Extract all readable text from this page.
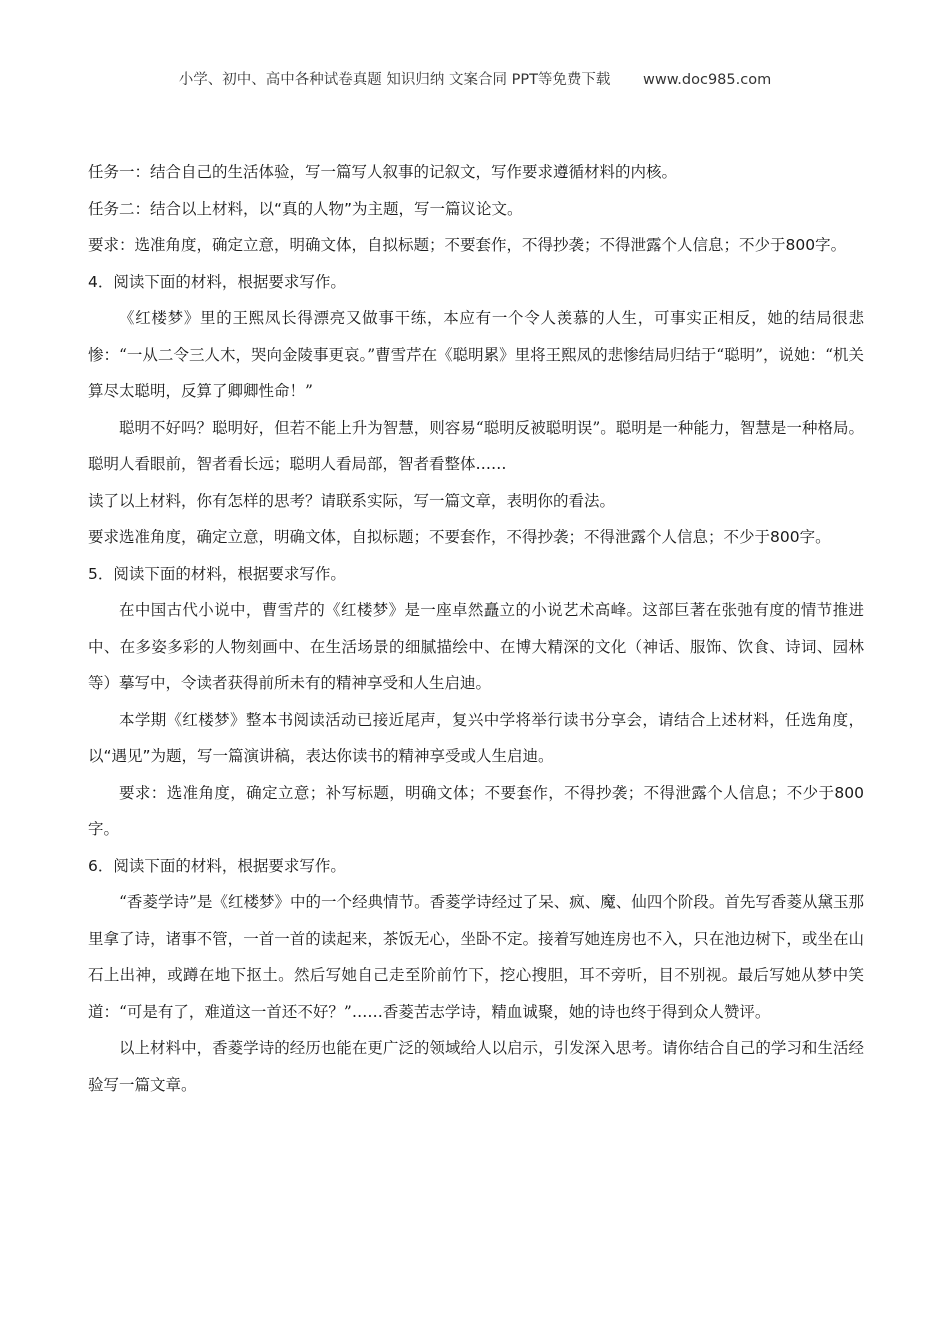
小学、初中、高中各种试卷真题 知识归纳 文案合同 PPT等免费下载 www.doc985.com

任务一：结合自己的生活体验，写一篇写人叙事的记叙文，写作要求遵循材料的内核。

任务二：结合以上材料，以“真的人物”为主题，写一篇议论文。

要求：选准角度，确定立意，明确文体，自拟标题；不要套作，不得抄袭；不得泄露个人信息；不少于800字。

4．阅读下面的材料，根据要求写作。

《红楼梦》里的王熙凤长得漂亮又做事干练，本应有一个令人羡慕的人生，可事实正相反，她的结局很悲惨：“一从二令三人木，哭向金陵事更哀。”曹雪芹在《聪明累》里将王熙凤的悲惨结局归结于“聪明”，说她：“机关算尽太聪明，反算了卿卿性命！”

聪明不好吗？聪明好，但若不能上升为智慧，则容易“聪明反被聪明误”。聪明是一种能力，智慧是一种格局。聪明人看眼前，智者看长远；聪明人看局部，智者看整体……

读了以上材料，你有怎样的思考？请联系实际，写一篇文章，表明你的看法。

要求选准角度，确定立意，明确文体，自拟标题；不要套作，不得抄袭；不得泄露个人信息；不少于800字。

5．阅读下面的材料，根据要求写作。

在中国古代小说中，曹雪芹的《红楼梦》是一座卓然矗立的小说艺术高峰。这部巨著在张弛有度的情节推进中、在多姿多彩的人物刻画中、在生活场景的细腻描绘中、在博大精深的文化（神话、服饰、饮食、诗词、园林等）摹写中，令读者获得前所未有的精神享受和人生启迪。

本学期《红楼梦》整本书阅读活动已接近尾声，复兴中学将举行读书分享会，请结合上述材料，任选角度，以“遇见”为题，写一篇演讲稿，表达你读书的精神享受或人生启迪。

要求：选准角度，确定立意；补写标题，明确文体；不要套作，不得抄袭；不得泄露个人信息；不少于800字。

6．阅读下面的材料，根据要求写作。

“香菱学诗”是《红楼梦》中的一个经典情节。香菱学诗经过了呆、疯、魔、仙四个阶段。首先写香菱从黛玉那里拿了诗，诸事不管，一首一首的读起来，茶饭无心，坐卧不定。接着写她连房也不入，只在池边树下，或坐在山石上出神，或蹲在地下抠土。然后写她自己走至阶前竹下，挖心搜胆，耳不旁听，目不别视。最后写她从梦中笑道：“可是有了，难道这一首还不好？”……香菱苦志学诗，精血诚聚，她的诗也终于得到众人赞评。

以上材料中，香菱学诗的经历也能在更广泛的领域给人以启示，引发深入思考。请你结合自己的学习和生活经验写一篇文章。
